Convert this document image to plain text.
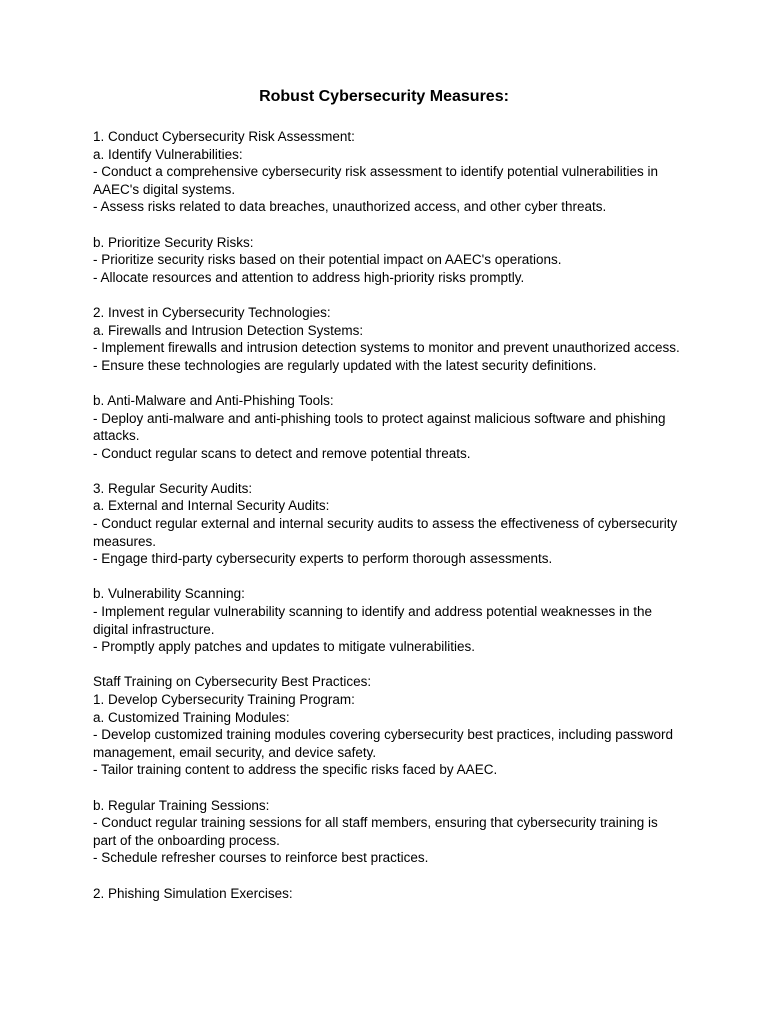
Robust Cybersecurity Measures:

1. Conduct Cybersecurity Risk Assessment:

a. Identify Vulnerabilities:

- Conduct a comprehensive cybersecurity risk assessment to identify potential vulnerabilities in AAEC's digital systems.

- Assess risks related to data breaches, unauthorized access, and other cyber threats.

b. Prioritize Security Risks:

- Prioritize security risks based on their potential impact on AAEC's operations.

- Allocate resources and attention to address high-priority risks promptly.

2. Invest in Cybersecurity Technologies:

a. Firewalls and Intrusion Detection Systems:

- Implement firewalls and intrusion detection systems to monitor and prevent unauthorized access.

- Ensure these technologies are regularly updated with the latest security definitions.

b. Anti-Malware and Anti-Phishing Tools:

- Deploy anti-malware and anti-phishing tools to protect against malicious software and phishing attacks.

- Conduct regular scans to detect and remove potential threats.

3. Regular Security Audits:

a. External and Internal Security Audits:

- Conduct regular external and internal security audits to assess the effectiveness of cybersecurity measures.

- Engage third-party cybersecurity experts to perform thorough assessments.

b. Vulnerability Scanning:

- Implement regular vulnerability scanning to identify and address potential weaknesses in the digital infrastructure.

- Promptly apply patches and updates to mitigate vulnerabilities.

Staff Training on Cybersecurity Best Practices:

1. Develop Cybersecurity Training Program:

a. Customized Training Modules:

- Develop customized training modules covering cybersecurity best practices, including password management, email security, and device safety.

- Tailor training content to address the specific risks faced by AAEC.

b. Regular Training Sessions:

- Conduct regular training sessions for all staff members, ensuring that cybersecurity training is part of the onboarding process.

- Schedule refresher courses to reinforce best practices.

2. Phishing Simulation Exercises:
